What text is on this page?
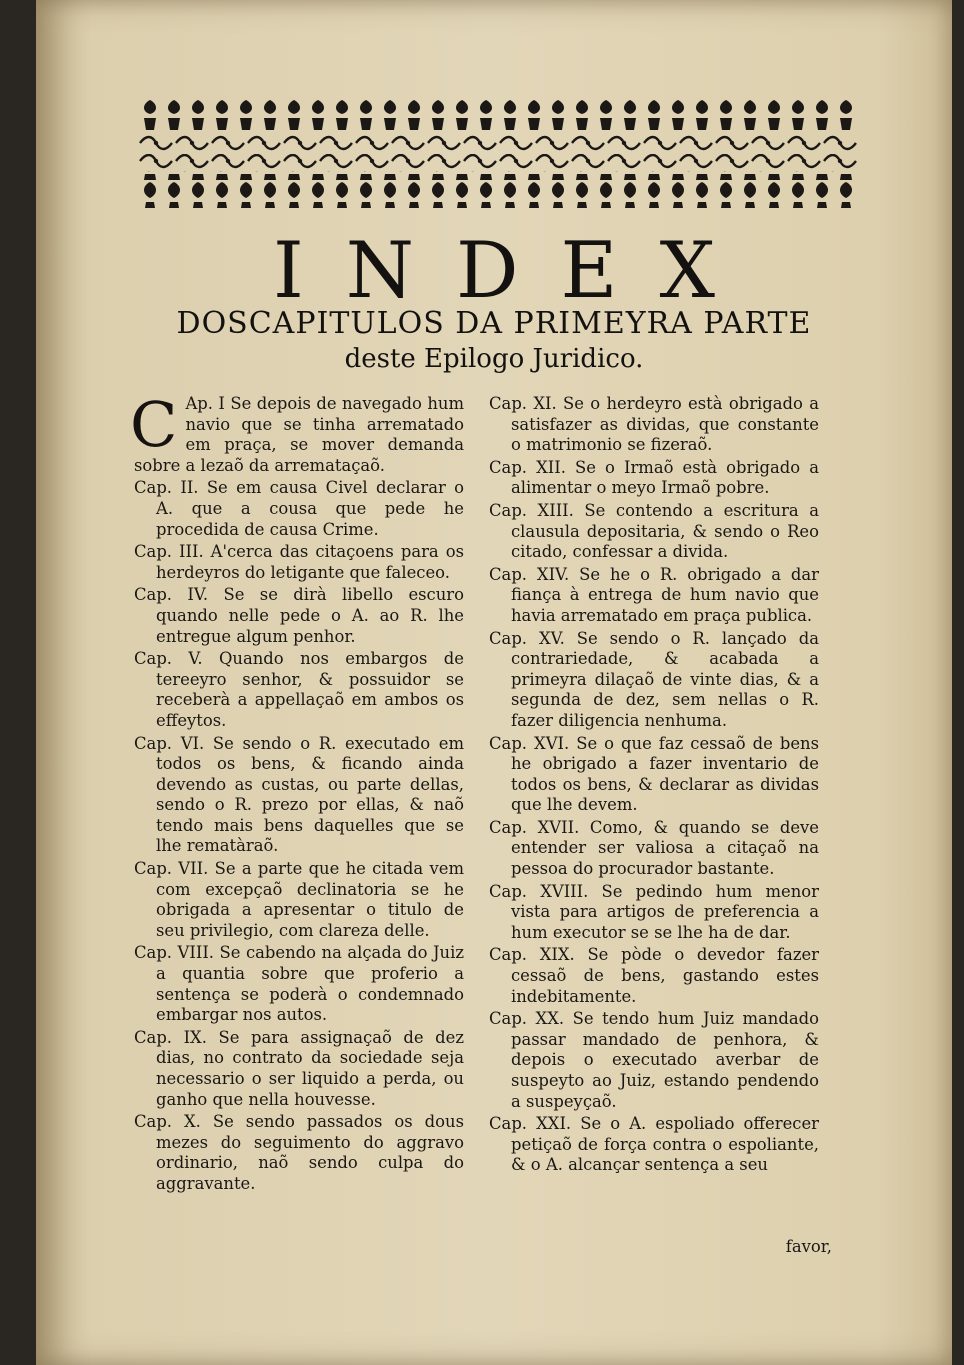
INDEX
DOSCAPITULOS DA PRIMEYRA PARTE
deste Epilogo Juridico.

C Ap. I Se depois de navegado hum navio que se tinha arrematado em praça, se mover demanda sobre a lezaõ da arremataçaõ.

Cap. II. Se em causa Civel declarar o A. que a cousa que pede he procedida de causa Crime.

Cap. III. A'cerca das citaçoens para os herdeyros do letigante que faleceo.

Cap. IV. Se se dirà libello escuro quando nelle pede o A. ao R. lhe entregue algum penhor.

Cap. V. Quando nos embargos de tereeyro senhor, & possuidor se receberà a appellaçaõ em ambos os effeytos.

Cap. VI. Se sendo o R. executado em todos os bens, & ficando ainda devendo as custas, ou parte dellas, sendo o R. prezo por ellas, & naõ tendo mais bens daquelles que se lhe rematàraõ.

Cap. VII. Se a parte que he citada vem com excepçaõ declinatoria se he obrigada a apresentar o titulo de seu privilegio, com clareza delle.

Cap. VIII. Se cabendo na alçada do Juiz a quantia sobre que proferio a sentença se poderà o condemnado embargar nos autos.

Cap. IX. Se para assignaçaõ de dez dias, no contrato da sociedade seja necessario o ser liquido a perda, ou ganho que nella houvesse.

Cap. X. Se sendo passados os dous mezes do seguimento do aggravo ordinario, naõ sendo culpa do aggravante.

Cap. XI. Se o herdeyro està obrigado a satisfazer as dividas, que constante o matrimonio se fizeraõ.

Cap. XII. Se o Irmaõ està obrigado a alimentar o meyo Irmaõ pobre.

Cap. XIII. Se contendo a escritura a clausula depositaria, & sendo o Reo citado, confessar a divida.

Cap. XIV. Se he o R. obrigado a dar fiança à entrega de hum navio que havia arrematado em praça publica.

Cap. XV. Se sendo o R. lançado da contrariedade, & acabada a primeyra dilaçaõ de vinte dias, & a segunda de dez, sem nellas o R. fazer diligencia nenhuma.

Cap. XVI. Se o que faz cessaõ de bens he obrigado a fazer inventario de todos os bens, & declarar as dividas que lhe devem.

Cap. XVII. Como, & quando se deve entender ser valiosa a citaçaõ na pessoa do procurador bastante.

Cap. XVIII. Se pedindo hum menor vista para artigos de preferencia a hum executor se se lhe ha de dar.

Cap. XIX. Se pòde o devedor fazer cessaõ de bens, gastando estes indebitamente.

Cap. XX. Se tendo hum Juiz mandado passar mandado de penhora, & depois o executado averbar de suspeyto ao Juiz, estando pendendo a suspeyçaõ.

Cap. XXI. Se o A. espoliado offerecer petiçaõ de força contra o espoliante, & o A. alcançar sentença a seu

favor,
